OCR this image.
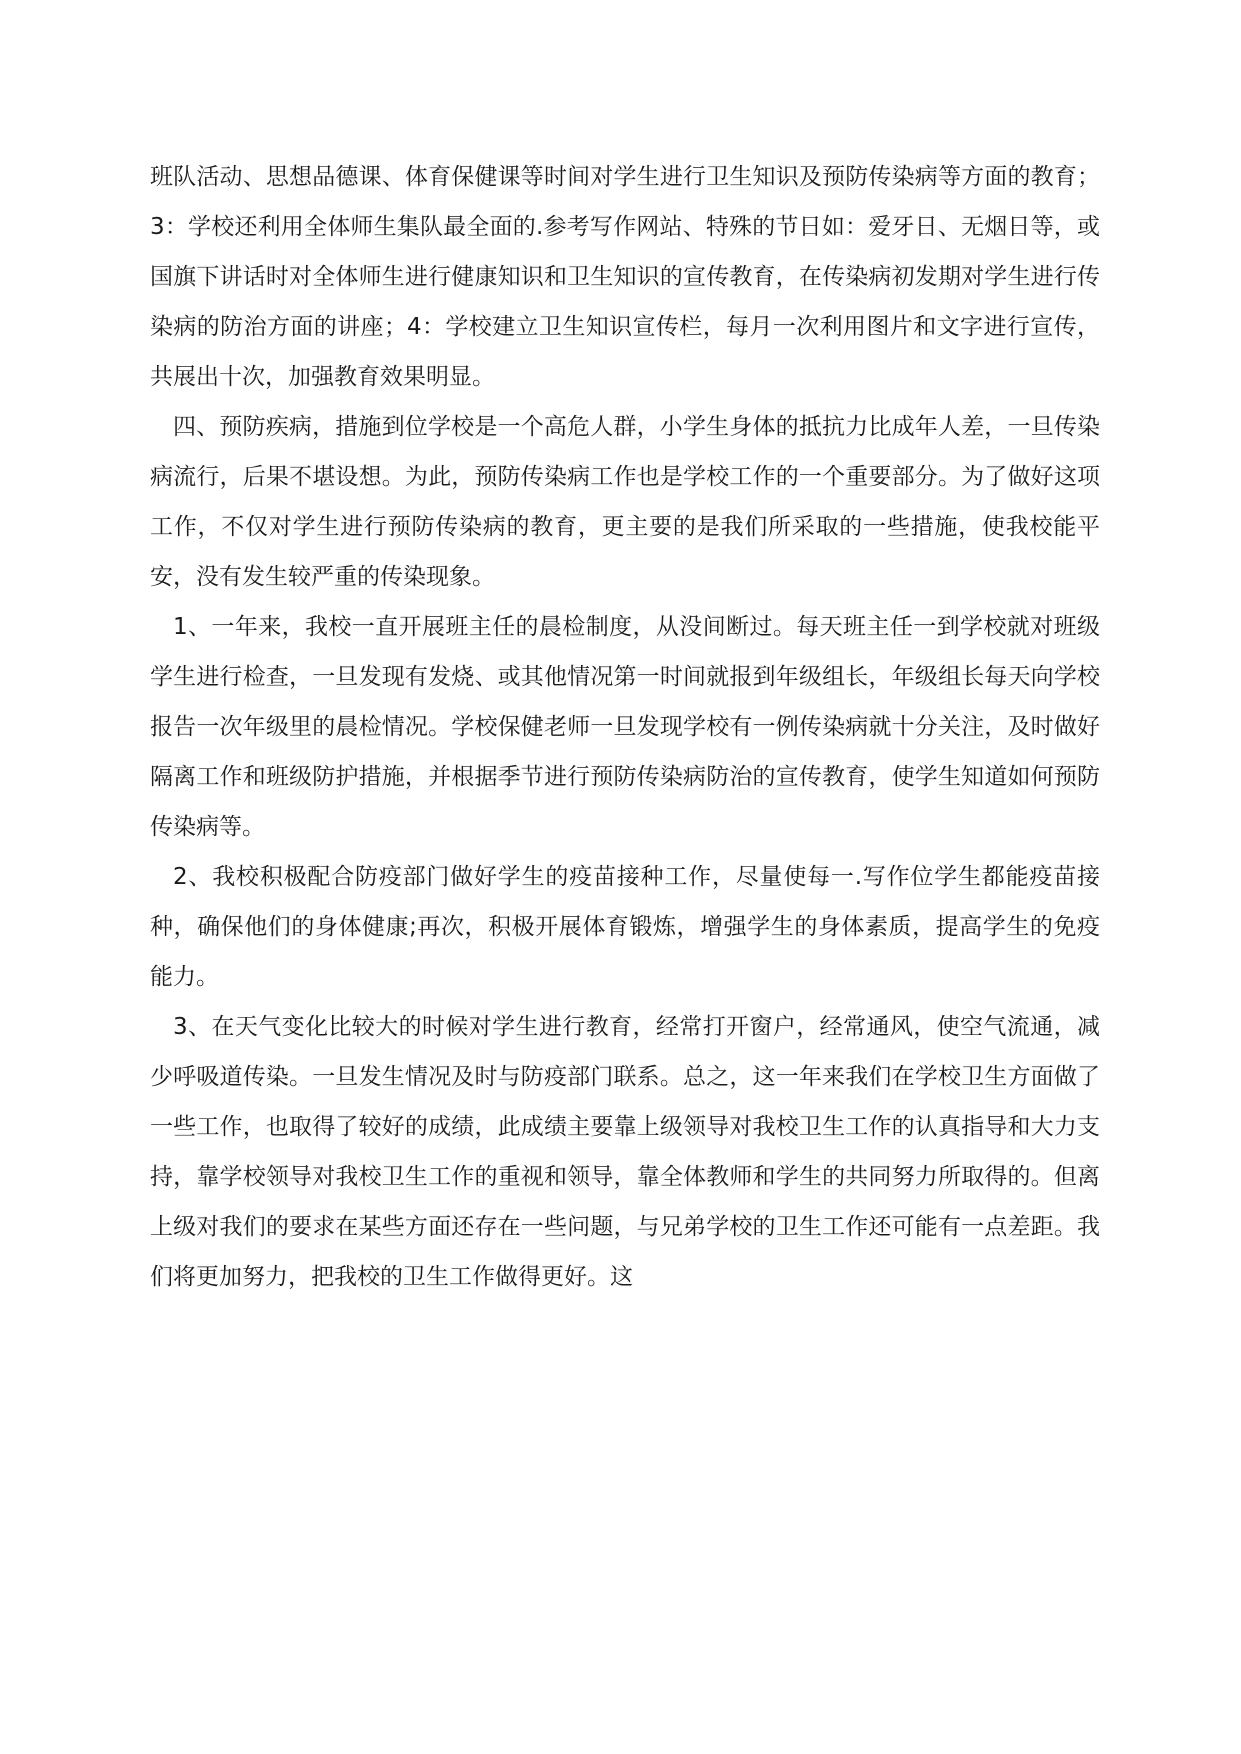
班队活动、思想品德课、体育保健课等时间对学生进行卫生知识及预防传染病等方面的教育；3：学校还利用全体师生集队最全面的.参考写作网站、特殊的节日如：爱牙日、无烟日等，或国旗下讲话时对全体师生进行健康知识和卫生知识的宣传教育，在传染病初发期对学生进行传染病的防治方面的讲座；4：学校建立卫生知识宣传栏，每月一次利用图片和文字进行宣传，共展出十次，加强教育效果明显。

四、预防疾病，措施到位学校是一个高危人群，小学生身体的抵抗力比成年人差，一旦传染病流行，后果不堪设想。为此，预防传染病工作也是学校工作的一个重要部分。为了做好这项工作，不仅对学生进行预防传染病的教育，更主要的是我们所采取的一些措施，使我校能平安，没有发生较严重的传染现象。

1、一年来，我校一直开展班主任的晨检制度，从没间断过。每天班主任一到学校就对班级学生进行检查，一旦发现有发烧、或其他情况第一时间就报到年级组长，年级组长每天向学校报告一次年级里的晨检情况。学校保健老师一旦发现学校有一例传染病就十分关注，及时做好隔离工作和班级防护措施，并根据季节进行预防传染病防治的宣传教育，使学生知道如何预防传染病等。

2、我校积极配合防疫部门做好学生的疫苗接种工作，尽量使每一.写作位学生都能疫苗接种，确保他们的身体健康;再次，积极开展体育锻炼，增强学生的身体素质，提高学生的免疫能力。

3、在天气变化比较大的时候对学生进行教育，经常打开窗户，经常通风，使空气流通，减少呼吸道传染。一旦发生情况及时与防疫部门联系。总之，这一年来我们在学校卫生方面做了一些工作，也取得了较好的成绩，此成绩主要靠上级领导对我校卫生工作的认真指导和大力支持，靠学校领导对我校卫生工作的重视和领导，靠全体教师和学生的共同努力所取得的。但离上级对我们的要求在某些方面还存在一些问题，与兄弟学校的卫生工作还可能有一点差距。我们将更加努力，把我校的卫生工作做得更好。这
